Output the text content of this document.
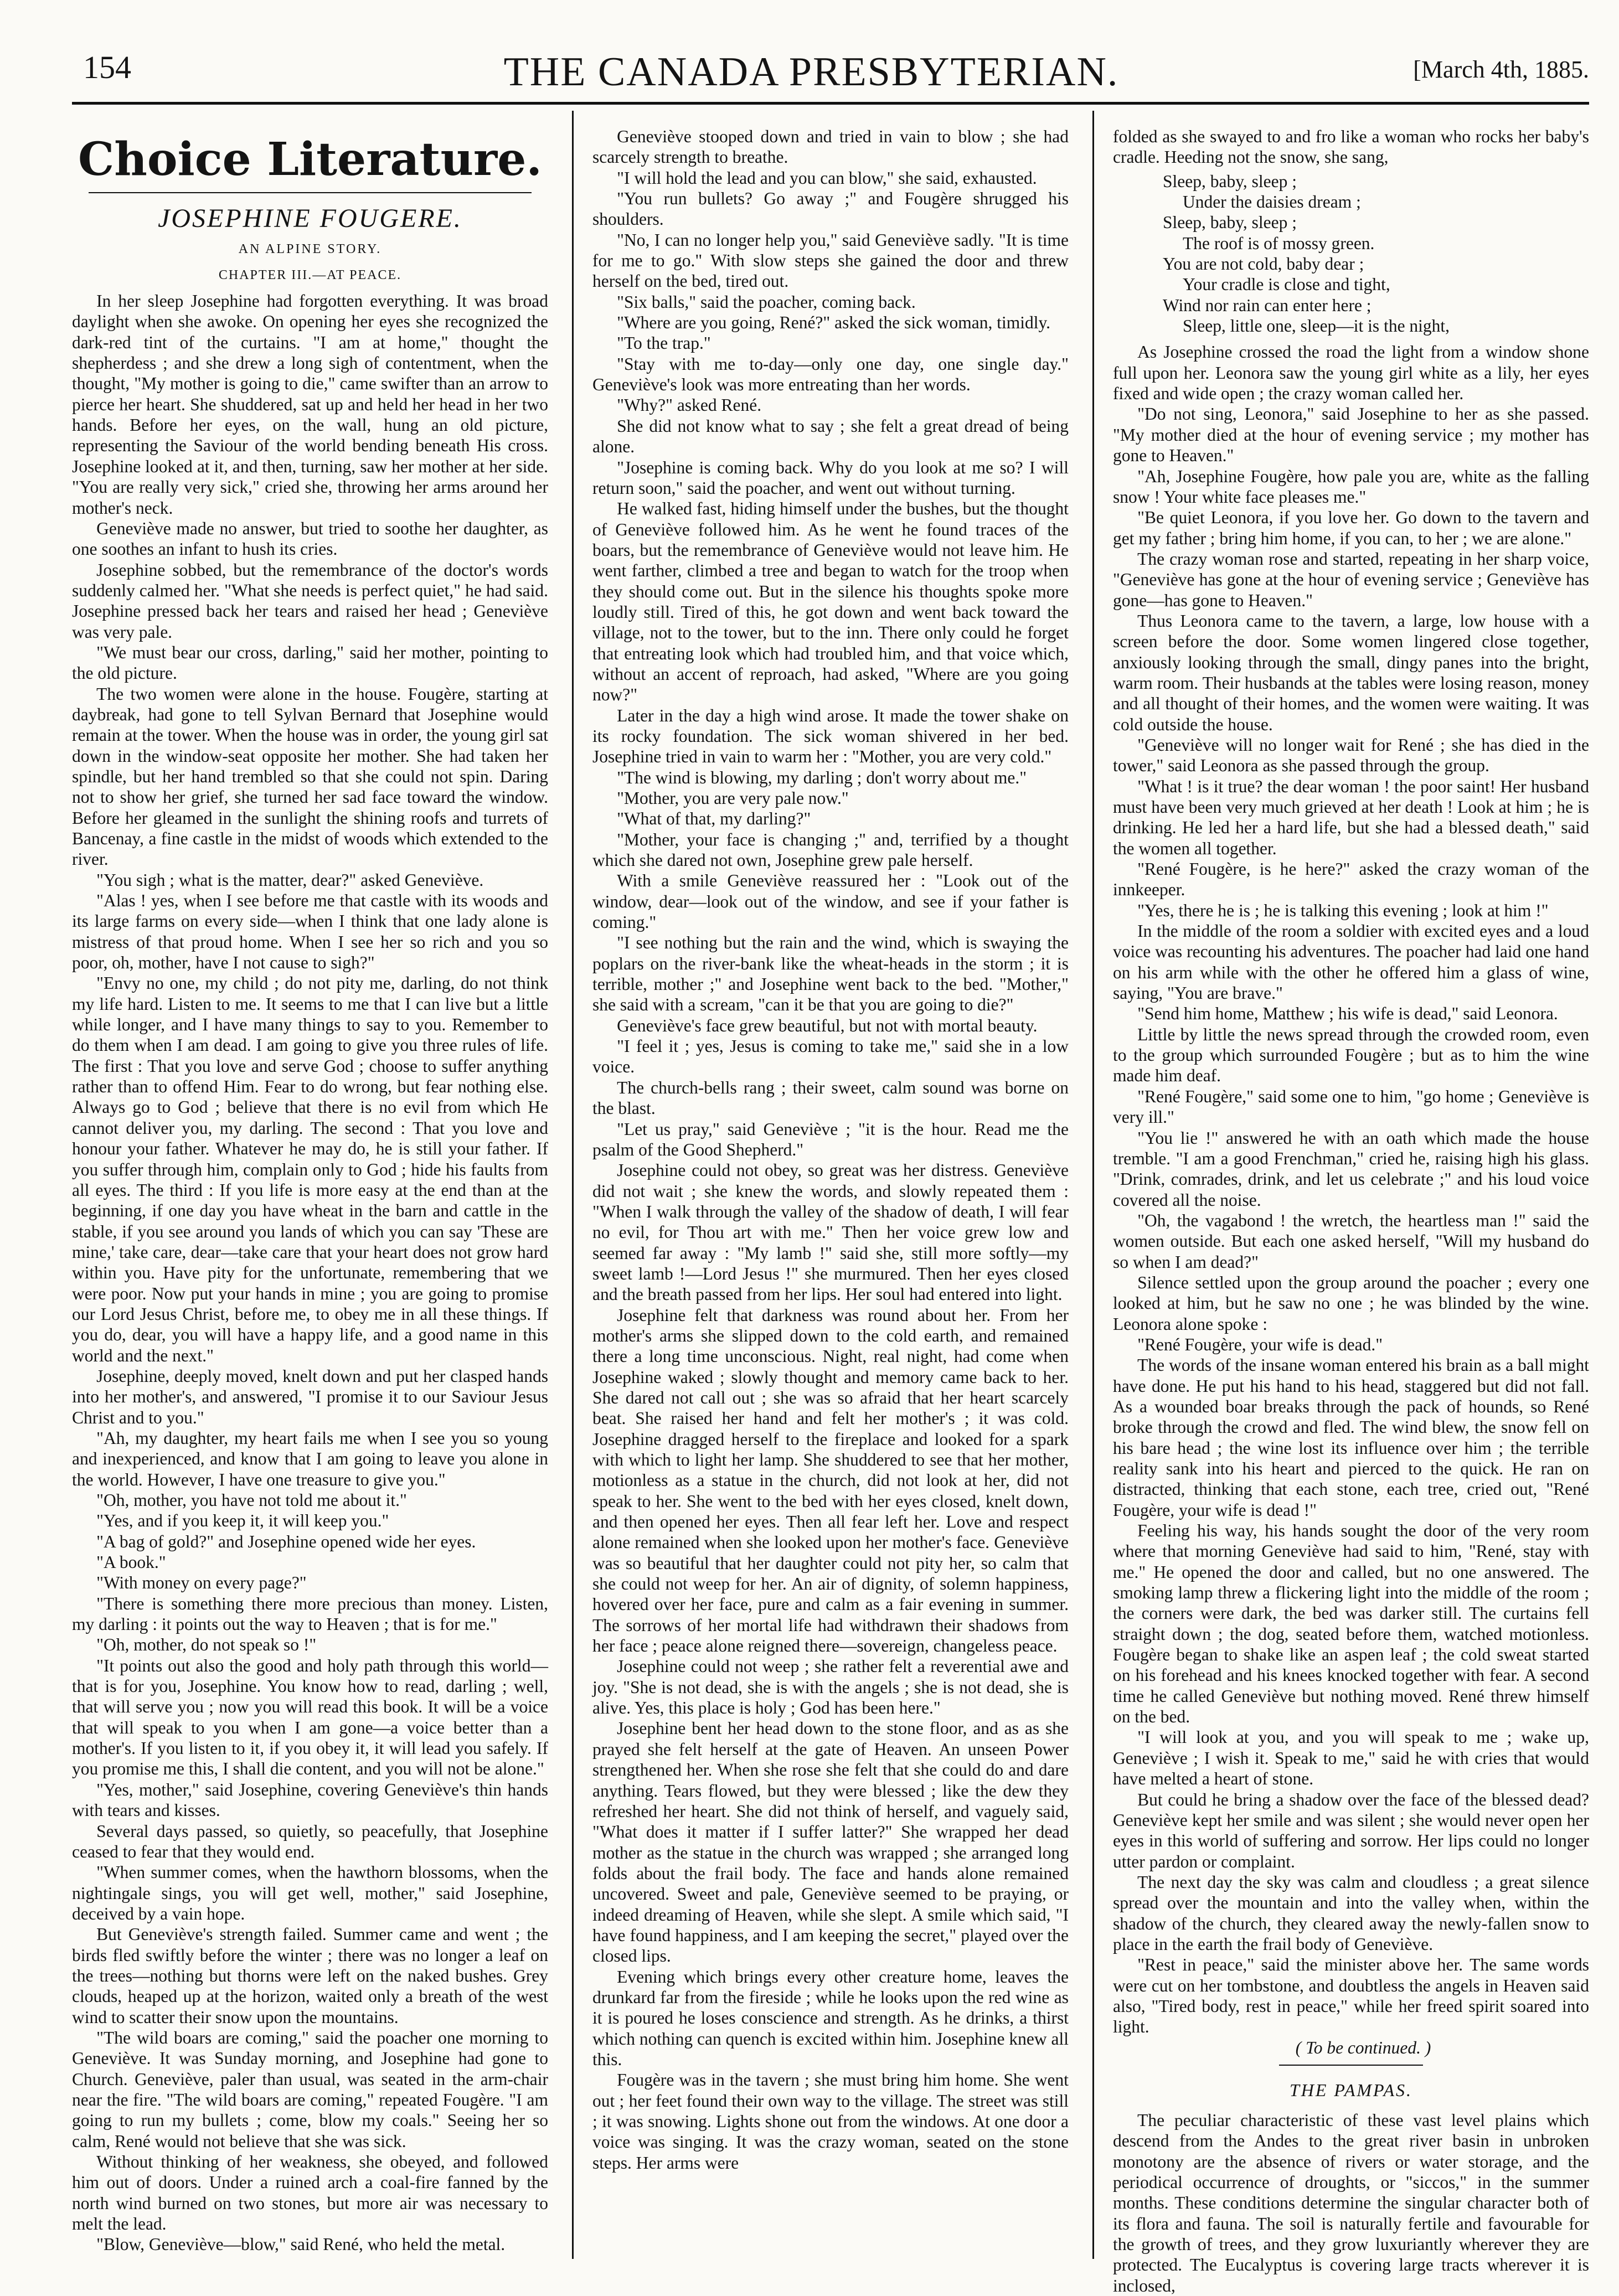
154	THE CANADA PRESBYTERIAN.	[March 4th, 1885.
Choice Literature.
JOSEPHINE FOUGERE.
AN ALPINE STORY.
CHAPTER III.—AT PEACE.

In her sleep Josephine had forgotten everything. It was broad daylight when she awoke. On opening her eyes she recognized the dark-red tint of the curtains. "I am at home," thought the shepherdess ; and she drew a long sigh of contentment, when the thought, "My mother is going to die," came swifter than an arrow to pierce her heart. She shuddered, sat up and held her head in her two hands. Before her eyes, on the wall, hung an old picture, representing the Saviour of the world bending beneath His cross. Josephine looked at it, and then, turning, saw her mother at her side. "You are really very sick," cried she, throwing her arms around her mother's neck.

Geneviève made no answer, but tried to soothe her daughter, as one soothes an infant to hush its cries.

Josephine sobbed, but the remembrance of the doctor's words suddenly calmed her. "What she needs is perfect quiet," he had said. Josephine pressed back her tears and raised her head ; Geneviève was very pale.

"We must bear our cross, darling," said her mother, pointing to the old picture.

The two women were alone in the house. Fougère, starting at daybreak, had gone to tell Sylvan Bernard that Josephine would remain at the tower. When the house was in order, the young girl sat down in the window-seat opposite her mother. She had taken her spindle, but her hand trembled so that she could not spin. Daring not to show her grief, she turned her sad face toward the window. Before her gleamed in the sunlight the shining roofs and turrets of Bancenay, a fine castle in the midst of woods which extended to the river.

"You sigh ; what is the matter, dear?" asked Geneviève.

"Alas ! yes, when I see before me that castle with its woods and its large farms on every side—when I think that one lady alone is mistress of that proud home. When I see her so rich and you so poor, oh, mother, have I not cause to sigh?"

"Envy no one, my child ; do not pity me, darling, do not think my life hard. Listen to me. It seems to me that I can live but a little while longer, and I have many things to say to you. Remember to do them when I am dead. I am going to give you three rules of life. The first : That you love and serve God ; choose to suffer anything rather than to offend Him. Fear to do wrong, but fear nothing else. Always go to God ; believe that there is no evil from which He cannot deliver you, my darling. The second : That you love and honour your father. Whatever he may do, he is still your father. If you suffer through him, complain only to God ; hide his faults from all eyes. The third : If you life is more easy at the end than at the beginning, if one day you have wheat in the barn and cattle in the stable, if you see around you lands of which you can say 'These are mine,' take care, dear—take care that your heart does not grow hard within you. Have pity for the unfortunate, remembering that we were poor. Now put your hands in mine ; you are going to promise our Lord Jesus Christ, before me, to obey me in all these things. If you do, dear, you will have a happy life, and a good name in this world and the next."

Josephine, deeply moved, knelt down and put her clasped hands into her mother's, and answered, "I promise it to our Saviour Jesus Christ and to you."

"Ah, my daughter, my heart fails me when I see you so young and inexperienced, and know that I am going to leave you alone in the world. However, I have one treasure to give you."

"Oh, mother, you have not told me about it."

"Yes, and if you keep it, it will keep you."

"A bag of gold?" and Josephine opened wide her eyes.

"A book."

"With money on every page?"

"There is something there more precious than money. Listen, my darling : it points out the way to Heaven ; that is for me."

"Oh, mother, do not speak so !"

"It points out also the good and holy path through this world—that is for you, Josephine. You know how to read, darling ; well, that will serve you ; now you will read this book. It will be a voice that will speak to you when I am gone—a voice better than a mother's. If you listen to it, if you obey it, it will lead you safely. If you promise me this, I shall die content, and you will not be alone."

"Yes, mother," said Josephine, covering Geneviève's thin hands with tears and kisses.

Several days passed, so quietly, so peacefully, that Josephine ceased to fear that they would end.

"When summer comes, when the hawthorn blossoms, when the nightingale sings, you will get well, mother," said Josephine, deceived by a vain hope.

But Geneviève's strength failed. Summer came and went ; the birds fled swiftly before the winter ; there was no longer a leaf on the trees—nothing but thorns were left on the naked bushes. Grey clouds, heaped up at the horizon, waited only a breath of the west wind to scatter their snow upon the mountains.

"The wild boars are coming," said the poacher one morning to Geneviève. It was Sunday morning, and Josephine had gone to Church. Geneviève, paler than usual, was seated in the arm-chair near the fire. "The wild boars are coming," repeated Fougère. "I am going to run my bullets ; come, blow my coals." Seeing her so calm, René would not believe that she was sick.

Without thinking of her weakness, she obeyed, and followed him out of doors. Under a ruined arch a coal-fire fanned by the north wind burned on two stones, but more air was necessary to melt the lead.

"Blow, Geneviève—blow," said René, who held the metal.

Geneviève stooped down and tried in vain to blow ; she had scarcely strength to breathe.

"I will hold the lead and you can blow," she said, exhausted.

"You run bullets? Go away ;" and Fougère shrugged his shoulders.

"No, I can no longer help you," said Geneviève sadly. "It is time for me to go." With slow steps she gained the door and threw herself on the bed, tired out.

"Six balls," said the poacher, coming back.

"Where are you going, René?" asked the sick woman, timidly.

"To the trap."

"Stay with me to-day—only one day, one single day." Geneviève's look was more entreating than her words.

"Why?" asked René.

She did not know what to say ; she felt a great dread of being alone.

"Josephine is coming back. Why do you look at me so? I will return soon," said the poacher, and went out without turning.

He walked fast, hiding himself under the bushes, but the thought of Geneviève followed him. As he went he found traces of the boars, but the remembrance of Geneviève would not leave him. He went farther, climbed a tree and began to watch for the troop when they should come out. But in the silence his thoughts spoke more loudly still. Tired of this, he got down and went back toward the village, not to the tower, but to the inn. There only could he forget that entreating look which had troubled him, and that voice which, without an accent of reproach, had asked, "Where are you going now?"

Later in the day a high wind arose. It made the tower shake on its rocky foundation. The sick woman shivered in her bed. Josephine tried in vain to warm her : "Mother, you are very cold."

"The wind is blowing, my darling ; don't worry about me."

"Mother, you are very pale now."

"What of that, my darling?"

"Mother, your face is changing ;" and, terrified by a thought which she dared not own, Josephine grew pale herself.

With a smile Geneviève reassured her : "Look out of the window, dear—look out of the window, and see if your father is coming."

"I see nothing but the rain and the wind, which is swaying the poplars on the river-bank like the wheat-heads in the storm ; it is terrible, mother ;" and Josephine went back to the bed. "Mother," she said with a scream, "can it be that you are going to die?"

Geneviève's face grew beautiful, but not with mortal beauty.

"I feel it ; yes, Jesus is coming to take me," said she in a low voice.

The church-bells rang ; their sweet, calm sound was borne on the blast.

"Let us pray," said Geneviève ; "it is the hour. Read me the psalm of the Good Shepherd."

Josephine could not obey, so great was her distress. Geneviève did not wait ; she knew the words, and slowly repeated them : "When I walk through the valley of the shadow of death, I will fear no evil, for Thou art with me." Then her voice grew low and seemed far away : "My lamb !" said she, still more softly—my sweet lamb !—Lord Jesus !" she murmured. Then her eyes closed and the breath passed from her lips. Her soul had entered into light.

Josephine felt that darkness was round about her. From her mother's arms she slipped down to the cold earth, and remained there a long time unconscious. Night, real night, had come when Josephine waked ; slowly thought and memory came back to her. She dared not call out ; she was so afraid that her heart scarcely beat. She raised her hand and felt her mother's ; it was cold. Josephine dragged herself to the fireplace and looked for a spark with which to light her lamp. She shuddered to see that her mother, motionless as a statue in the church, did not look at her, did not speak to her. She went to the bed with her eyes closed, knelt down, and then opened her eyes. Then all fear left her. Love and respect alone remained when she looked upon her mother's face. Geneviève was so beautiful that her daughter could not pity her, so calm that she could not weep for her. An air of dignity, of solemn happiness, hovered over her face, pure and calm as a fair evening in summer. The sorrows of her mortal life had withdrawn their shadows from her face ; peace alone reigned there—sovereign, changeless peace.

Josephine could not weep ; she rather felt a reverential awe and joy. "She is not dead, she is with the angels ; she is not dead, she is alive. Yes, this place is holy ; God has been here."

Josephine bent her head down to the stone floor, and as as she prayed she felt herself at the gate of Heaven. An unseen Power strengthened her. When she rose she felt that she could do and dare anything. Tears flowed, but they were blessed ; like the dew they refreshed her heart. She did not think of herself, and vaguely said, "What does it matter if I suffer latter?" She wrapped her dead mother as the statue in the church was wrapped ; she arranged long folds about the frail body. The face and hands alone remained uncovered. Sweet and pale, Geneviève seemed to be praying, or indeed dreaming of Heaven, while she slept. A smile which said, "I have found happiness, and I am keeping the secret," played over the closed lips.

Evening which brings every other creature home, leaves the drunkard far from the fireside ; while he looks upon the red wine as it is poured he loses conscience and strength. As he drinks, a thirst which nothing can quench is excited within him. Josephine knew all this.

Fougère was in the tavern ; she must bring him home. She went out ; her feet found their own way to the village. The street was still ; it was snowing. Lights shone out from the windows. At one door a voice was singing. It was the crazy woman, seated on the stone steps. Her arms were

folded as she swayed to and fro like a woman who rocks her baby's cradle. Heeding not the snow, she sang,

Sleep, baby, sleep ;
Under the daisies dream ;
Sleep, baby, sleep ;
The roof is of mossy green.
You are not cold, baby dear ;
Your cradle is close and tight,
Wind nor rain can enter here ;
Sleep, little one, sleep—it is the night,

As Josephine crossed the road the light from a window shone full upon her. Leonora saw the young girl white as a lily, her eyes fixed and wide open ; the crazy woman called her.

"Do not sing, Leonora," said Josephine to her as she passed. "My mother died at the hour of evening service ; my mother has gone to Heaven."

"Ah, Josephine Fougère, how pale you are, white as the falling snow ! Your white face pleases me."

"Be quiet Leonora, if you love her. Go down to the tavern and get my father ; bring him home, if you can, to her ; we are alone."

The crazy woman rose and started, repeating in her sharp voice, "Geneviève has gone at the hour of evening service ; Geneviève has gone—has gone to Heaven."

Thus Leonora came to the tavern, a large, low house with a screen before the door. Some women lingered close together, anxiously looking through the small, dingy panes into the bright, warm room. Their husbands at the tables were losing reason, money and all thought of their homes, and the women were waiting. It was cold outside the house.

"Geneviève will no longer wait for René ; she has died in the tower," said Leonora as she passed through the group.

"What ! is it true? the dear woman ! the poor saint! Her husband must have been very much grieved at her death ! Look at him ; he is drinking. He led her a hard life, but she had a blessed death," said the women all together.

"René Fougère, is he here?" asked the crazy woman of the innkeeper.

"Yes, there he is ; he is talking this evening ; look at him !"

In the middle of the room a soldier with excited eyes and a loud voice was recounting his adventures. The poacher had laid one hand on his arm while with the other he offered him a glass of wine, saying, "You are brave."

"Send him home, Matthew ; his wife is dead," said Leonora.

Little by little the news spread through the crowded room, even to the group which surrounded Fougère ; but as to him the wine made him deaf.

"René Fougère," said some one to him, "go home ; Geneviève is very ill."

"You lie !" answered he with an oath which made the house tremble. "I am a good Frenchman," cried he, raising high his glass. "Drink, comrades, drink, and let us celebrate ;" and his loud voice covered all the noise.

"Oh, the vagabond ! the wretch, the heartless man !" said the women outside. But each one asked herself, "Will my husband do so when I am dead?"

Silence settled upon the group around the poacher ; every one looked at him, but he saw no one ; he was blinded by the wine. Leonora alone spoke :

"René Fougère, your wife is dead."

The words of the insane woman entered his brain as a ball might have done. He put his hand to his head, staggered but did not fall. As a wounded boar breaks through the pack of hounds, so René broke through the crowd and fled. The wind blew, the snow fell on his bare head ; the wine lost its influence over him ; the terrible reality sank into his heart and pierced to the quick. He ran on distracted, thinking that each stone, each tree, cried out, "René Fougère, your wife is dead !"

Feeling his way, his hands sought the door of the very room where that morning Geneviève had said to him, "René, stay with me." He opened the door and called, but no one answered. The smoking lamp threw a flickering light into the middle of the room ; the corners were dark, the bed was darker still. The curtains fell straight down ; the dog, seated before them, watched motionless. Fougère began to shake like an aspen leaf ; the cold sweat started on his forehead and his knees knocked together with fear. A second time he called Geneviève but nothing moved. René threw himself on the bed.

"I will look at you, and you will speak to me ; wake up, Geneviève ; I wish it. Speak to me," said he with cries that would have melted a heart of stone.

But could he bring a shadow over the face of the blessed dead? Geneviève kept her smile and was silent ; she would never open her eyes in this world of suffering and sorrow. Her lips could no longer utter pardon or complaint.

The next day the sky was calm and cloudless ; a great silence spread over the mountain and into the valley when, within the shadow of the church, they cleared away the newly-fallen snow to place in the earth the frail body of Geneviève.

"Rest in peace," said the minister above her. The same words were cut on her tombstone, and doubtless the angels in Heaven said also, "Tired body, rest in peace," while her freed spirit soared into light.

( To be continued. )

THE PAMPAS.

The peculiar characteristic of these vast level plains which descend from the Andes to the great river basin in unbroken monotony are the absence of rivers or water storage, and the periodical occurrence of droughts, or "siccos," in the summer months. These conditions determine the singular character both of its flora and fauna. The soil is naturally fertile and favourable for the growth of trees, and they grow luxuriantly wherever they are protected. The Eucalyptus is covering large tracts wherever it is inclosed,
